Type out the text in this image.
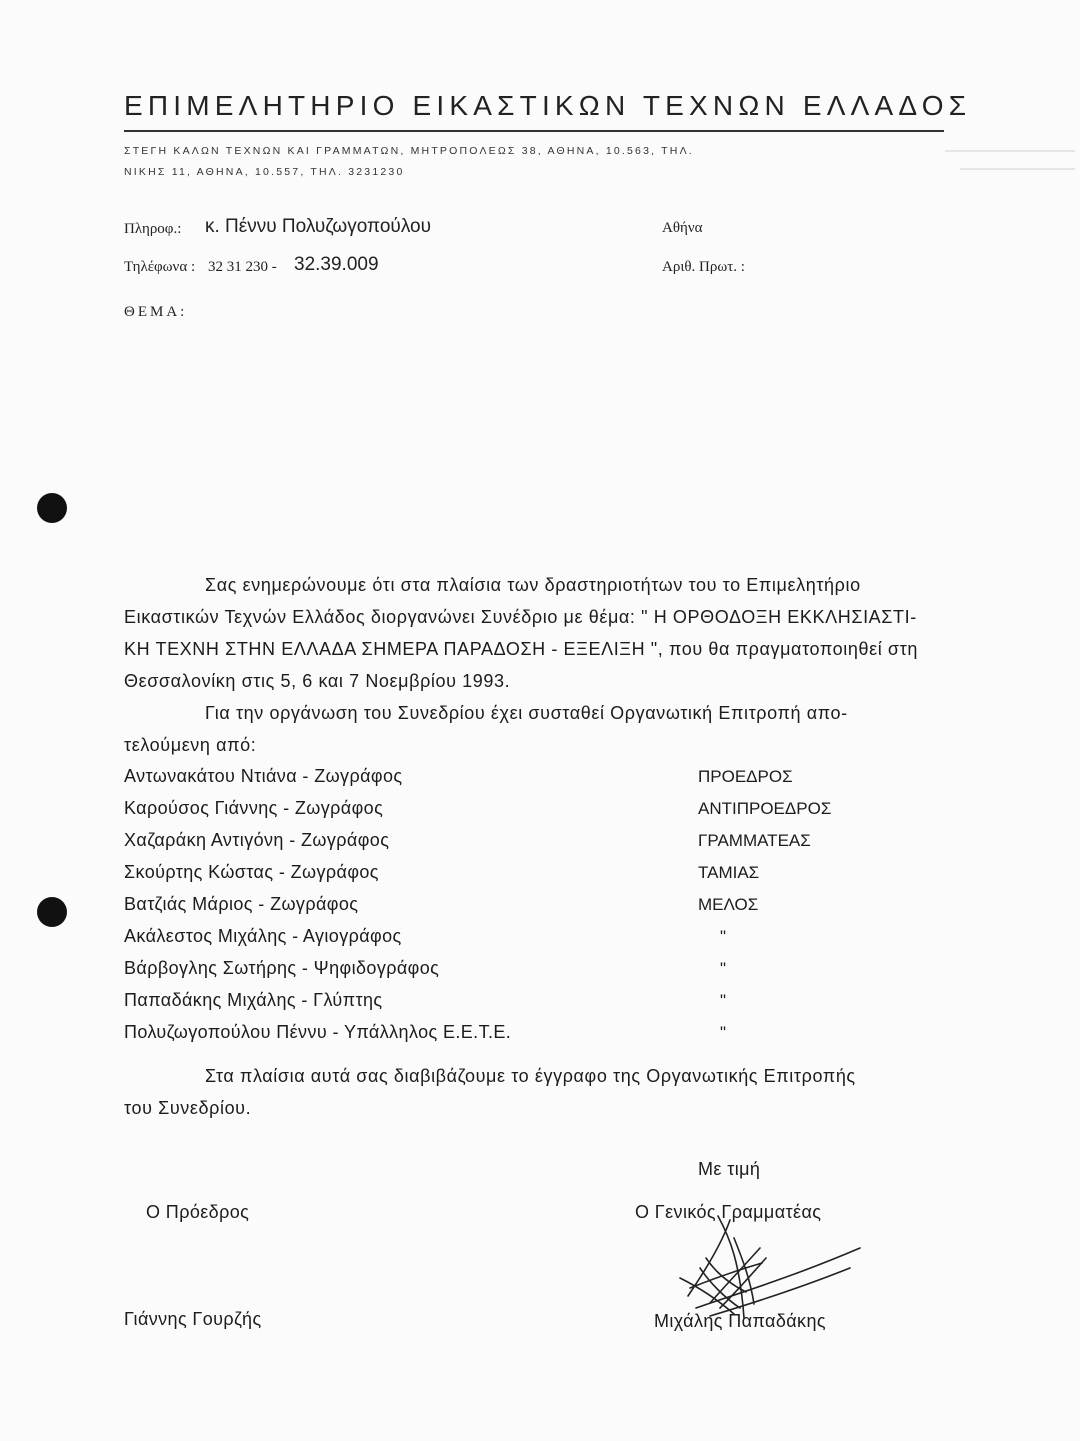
ΕΠΙΜΕΛΗΤΗΡΙΟ ΕΙΚΑΣΤΙΚΩΝ ΤΕΧΝΩΝ ΕΛΛΑΔΟΣ
ΣΤΕΓΗ ΚΑΛΩΝ ΤΕΧΝΩΝ ΚΑΙ ΓΡΑΜΜΑΤΩΝ, ΜΗΤΡΟΠΟΛΕΩΣ 38, ΑΘΗΝΑ, 10.563, ΤΗΛ.
ΝΙΚΗΣ 11, ΑΘΗΝΑ, 10.557, ΤΗΛ. 3231230
Πληροφ.: κ. Πέννυ Πολυζωγοπούλου	Αθήνα
Τηλέφωνα : 32 31 230 - 32.39.009	Αριθ. Πρωτ. :
ΘΕΜΑ:
Σας ενημερώνουμε ότι στα πλαίσια των δραστηριοτήτων του το Επιμελητήριο
Εικαστικών Τεχνών Ελλάδος διοργανώνει Συνέδριο με θέμα: " Η ΟΡΘΟΔΟΞΗ ΕΚΚΛΗΣΙΑΣΤΙ-
ΚΗ ΤΕΧΝΗ ΣΤΗΝ ΕΛΛΑΔΑ ΣΗΜΕΡΑ ΠΑΡΑΔΟΣΗ - ΕΞΕΛΙΞΗ ", που θα πραγματοποιηθεί στη
Θεσσαλονίκη στις 5, 6 και 7 Νοεμβρίου 1993.
Για την οργάνωση του Συνεδρίου έχει συσταθεί Οργανωτική Επιτροπή απο-
τελούμενη από:
Αντωνακάτου Ντιάνα - Ζωγράφος	ΠΡΟΕΔΡΟΣ
Καρούσος Γιάννης - Ζωγράφος	ΑΝΤΙΠΡΟΕΔΡΟΣ
Χαζαράκη Αντιγόνη - Ζωγράφος	ΓΡΑΜΜΑΤΕΑΣ
Σκούρτης Κώστας - Ζωγράφος	ΤΑΜΙΑΣ
Βατζιάς Μάριος - Ζωγράφος	ΜΕΛΟΣ
Ακάλεστος Μιχάλης - Αγιογράφος	"
Βάρβογλης Σωτήρης - Ψηφιδογράφος	"
Παπαδάκης Μιχάλης - Γλύπτης	"
Πολυζωγοπούλου Πέννυ - Υπάλληλος Ε.Ε.Τ.Ε.	"
Στα πλαίσια αυτά σας διαβιβάζουμε το έγγραφο της Οργανωτικής Επιτροπής
του Συνεδρίου.
Με τιμή
Ο Πρόεδρος
Γιάννης Γουρζής
Ο Γενικός Γραμματέας
Μιχάλης Παπαδάκης
